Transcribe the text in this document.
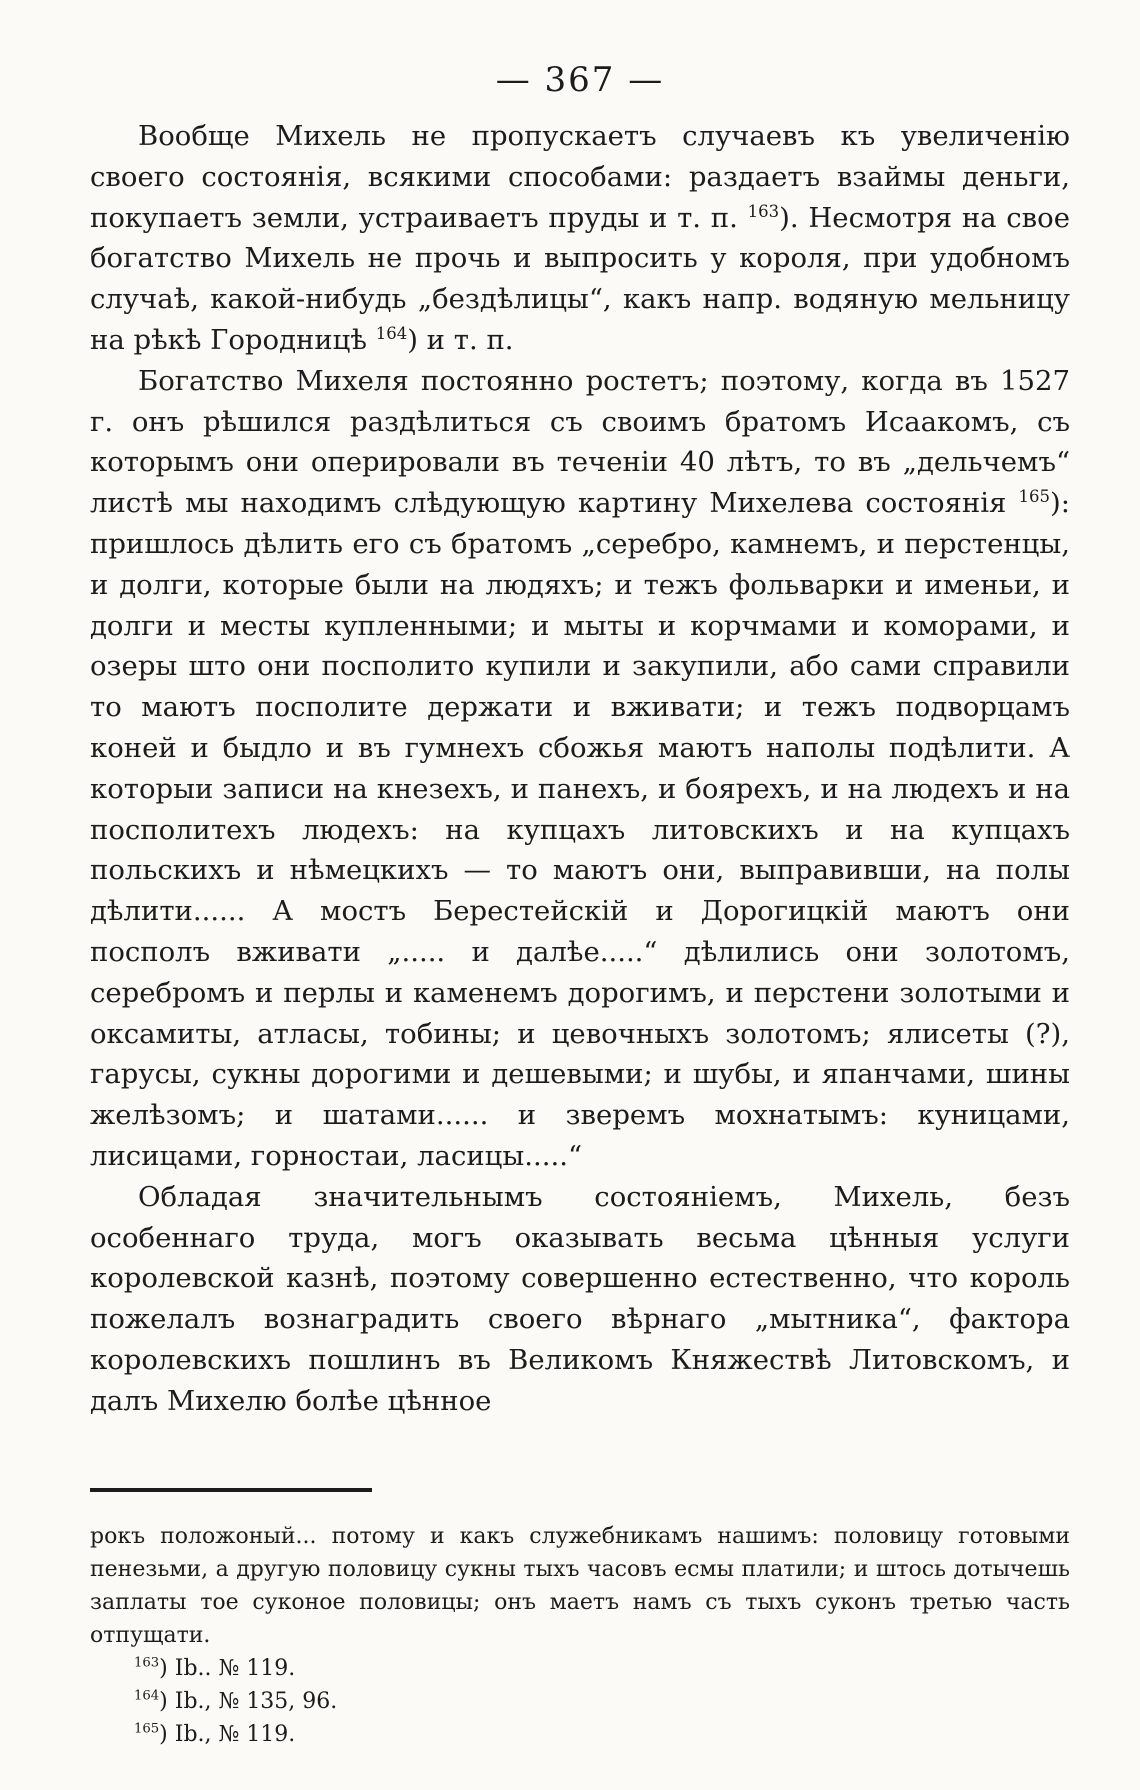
— 367 —

Вообще Михель не пропускаетъ случаевъ къ увеличенію своего состоянія, всякими способами: раздаетъ взаймы деньги, покупаетъ земли, устраиваетъ пруды и т. п. $^{163}$). Несмотря на свое богатство Михель не прочь и выпросить у короля, при удобномъ случаѣ, какой-нибудь „бездѣлицы“, какъ напр. водяную мельницу на рѣкѣ Городницѣ $^{164}$) и т. п.

Богатство Михеля постоянно ростетъ; поэтому, когда въ 1527 г. онъ рѣшился раздѣлиться съ своимъ братомъ Исаакомъ, съ которымъ они оперировали въ теченіи 40 лѣтъ, то въ „дельчемъ“ листѣ мы находимъ слѣдующую картину Михелева состоянія $^{165}$): пришлось дѣлить его съ братомъ „серебро, камнемъ, и перстенцы, и долги, которые были на людяхъ; и тежъ фольварки и именьи, и долги и месты купленными; и мыты и корчмами и коморами, и озеры што они посполито купили и закупили, або сами справили то маютъ посполите держати и вживати; и тежъ подворцамъ коней и быдло и въ гумнехъ сбожья маютъ наполы подѣлити. А которыи записи на кнезехъ, и панехъ, и боярехъ, и на людехъ и на посполитехъ людехъ: на купцахъ литовскихъ и на купцахъ польскихъ и нѣмецкихъ — то маютъ они, выправивши, на полы дѣлити...... А мостъ Берестейскій и Дорогицкій маютъ они посполъ вживати „..... и далѣе.....“ дѣлились они золотомъ, серебромъ и перлы и каменемъ дорогимъ, и перстени золотыми и оксамиты, атласы, тобины; и цевочныхъ золотомъ; ялисеты (?), гарусы, сукны дорогими и дешевыми; и шубы, и япанчами, шины желѣзомъ; и шатами...... и зверемъ мохнатымъ: куницами, лисицами, горностаи, ласицы.....“

Обладая значительнымъ состояніемъ, Михель, безъ особеннаго труда, могъ оказывать весьма цѣнныя услуги королевской казнѣ, поэтому совершенно естественно, что король пожелалъ вознаградить своего вѣрнаго „мытника“, фактора королевскихъ пошлинъ въ Великомъ Княжествѣ Литовскомъ, и далъ Михелю болѣе цѣнное

рокъ положоный... потому и какъ служебникамъ нашимъ: половицу готовыми пенезьми, а другую половицу сукны тыхъ часовъ есмы платили; и штось дотычешь заплаты тое суконое половицы; онъ маетъ намъ съ тыхъ суконъ третью часть отпущати.

$^{163}$) Ib.. № 119.

$^{164}$) Ib., № 135, 96.

$^{165}$) Ib., № 119.
